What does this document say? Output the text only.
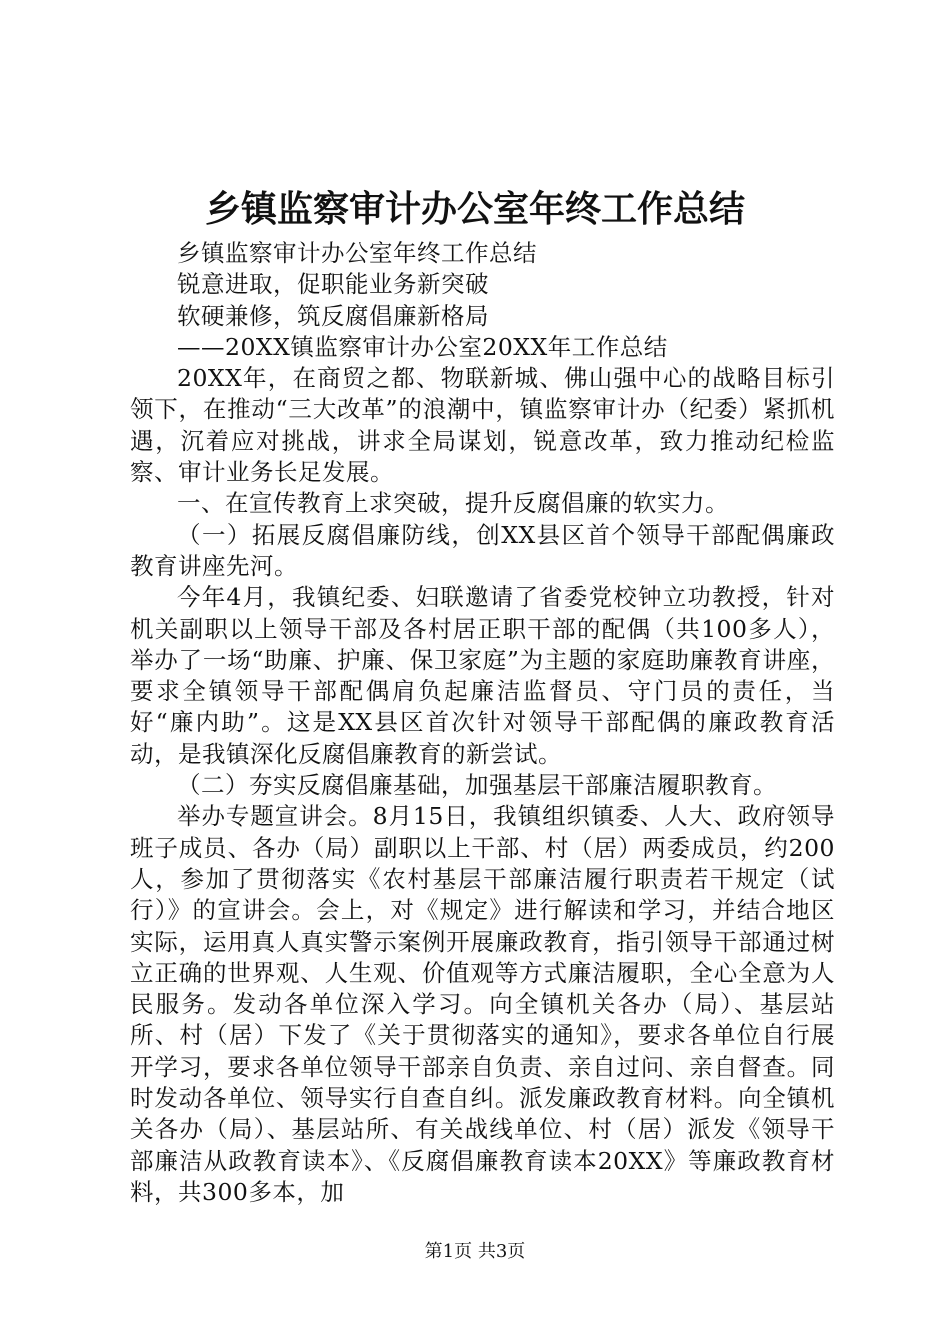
乡镇监察审计办公室年终工作总结

乡镇监察审计办公室年终工作总结

锐意进取，促职能业务新突破

软硬兼修，筑反腐倡廉新格局

——20XX镇监察审计办公室20XX年工作总结

20XX年，在商贸之都、物联新城、佛山强中心的战略目标引领下，在推动“三大改革”的浪潮中，镇监察审计办（纪委）紧抓机遇，沉着应对挑战，讲求全局谋划，锐意改革，致力推动纪检监察、审计业务长足发展。

一、在宣传教育上求突破，提升反腐倡廉的软实力。

（一）拓展反腐倡廉防线，创XX县区首个领导干部配偶廉政教育讲座先河。

今年4月，我镇纪委、妇联邀请了省委党校钟立功教授，针对机关副职以上领导干部及各村居正职干部的配偶（共100多人），举办了一场“助廉、护廉、保卫家庭”为主题的家庭助廉教育讲座，要求全镇领导干部配偶肩负起廉洁监督员、守门员的责任，当好“廉内助”。这是XX县区首次针对领导干部配偶的廉政教育活动，是我镇深化反腐倡廉教育的新尝试。

（二）夯实反腐倡廉基础，加强基层干部廉洁履职教育。

举办专题宣讲会。8月15日，我镇组织镇委、人大、政府领导班子成员、各办（局）副职以上干部、村（居）两委成员，约200人，参加了贯彻落实《农村基层干部廉洁履行职责若干规定（试行）》的宣讲会。会上，对《规定》进行解读和学习，并结合地区实际，运用真人真实警示案例开展廉政教育，指引领导干部通过树立正确的世界观、人生观、价值观等方式廉洁履职，全心全意为人民服务。发动各单位深入学习。向全镇机关各办（局）、基层站所、村（居）下发了《关于贯彻落实的通知》，要求各单位自行展开学习，要求各单位领导干部亲自负责、亲自过问、亲自督查。同时发动各单位、领导实行自查自纠。派发廉政教育材料。向全镇机关各办（局）、基层站所、有关战线单位、村（居）派发《领导干部廉洁从政教育读本》、《反腐倡廉教育读本20XX》等廉政教育材料，共300多本，加

第1页 共3页
